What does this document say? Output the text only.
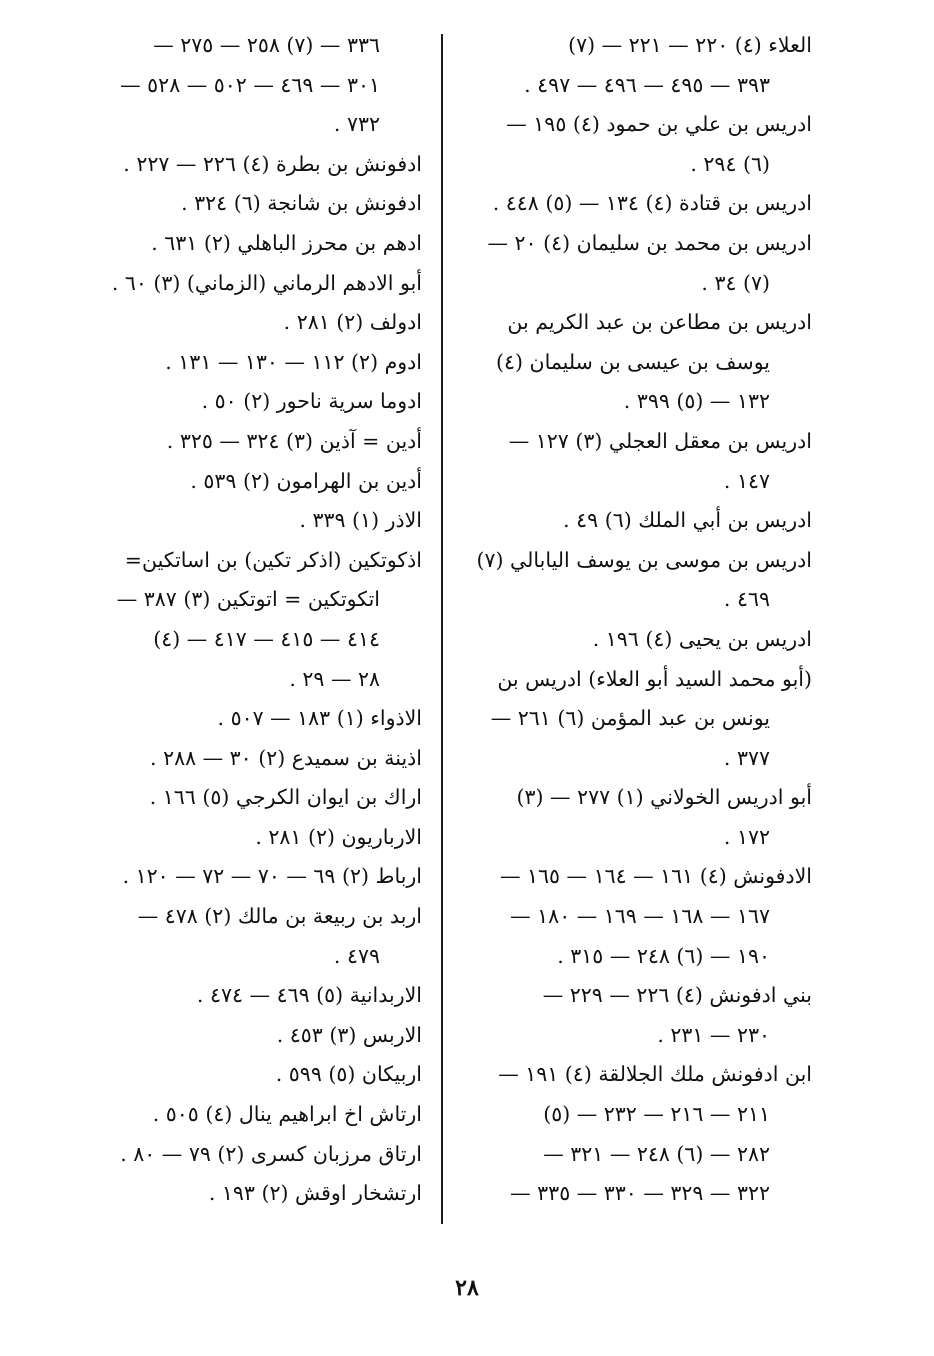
العلاء (٤) ٢٢٠ — ٢٢١ — (٧)
٣٩٣ — ٤٩٥ — ٤٩٦ — ٤٩٧ .
ادريس بن علي بن حمود (٤) ١٩٥ —
(٦) ٢٩٤ .
ادريس بن قتادة (٤) ١٣٤ — (٥) ٤٤٨ .
ادريس بن محمد بن سليمان (٤) ٢٠ —
(٧) ٣٤ .
ادريس بن مطاعن بن عبد الكريم بن
يوسف بن عيسى بن سليمان (٤)
١٣٢ — (٥) ٣٩٩ .
ادريس بن معقل العجلي (٣) ١٢٧ —
١٤٧ .
ادريس بن أبي الملك (٦) ٤٩ .
ادريس بن موسى بن يوسف اليابالي (٧)
٤٦٩ .
ادريس بن يحيى (٤) ١٩٦ .
(أبو محمد السيد أبو العلاء) ادريس بن
يونس بن عبد المؤمن (٦) ٢٦١ —
٣٧٧ .
أبو ادريس الخولاني (١) ٢٧٧ — (٣)
١٧٢ .
الادفونش (٤) ١٦١ — ١٦٤ — ١٦٥ —
١٦٧ — ١٦٨ — ١٦٩ — ١٨٠ —
١٩٠ — (٦) ٢٤٨ — ٣١٥ .
بني ادفونش (٤) ٢٢٦ — ٢٢٩ —
٢٣٠ — ٢٣١ .
ابن ادفونش ملك الجلالقة (٤) ١٩١ —
٢١١ — ٢١٦ — ٢٣٢ — (٥)
٢٨٢ — (٦) ٢٤٨ — ٣٢١ —
٣٢٢ — ٣٢٩ — ٣٣٠ — ٣٣٥ —
٣٣٦ — (٧) ٢٥٨ — ٢٧٥ —
٣٠١ — ٤٦٩ — ٥٠٢ — ٥٢٨ —
٧٣٢ .
ادفونش بن بطرة (٤) ٢٢٦ — ٢٢٧ .
ادفونش بن شانجة (٦) ٣٢٤ .
ادهم بن محرز الباهلي (٢) ٦٣١ .
أبو الادهم الرماني (الزماني) (٣) ٦٠ .
ادولف (٢) ٢٨١ .
ادوم (٢) ١١٢ — ١٣٠ — ١٣١ .
ادوما سرية ناحور (٢) ٥٠ .
أدين = آذين (٣) ٣٢٤ — ٣٢٥ .
أدين بن الهرامون (٢) ٥٣٩ .
الاذر (١) ٣٣٩ .
اذكوتكين (اذكر تكين) بن اساتكين=
اتكوتكين = اتوتكين (٣) ٣٨٧ —
٤١٤ — ٤١٥ — ٤١٧ — (٤)
٢٨ — ٢٩ .
الاذواء (١) ١٨٣ — ٥٠٧ .
اذينة بن سميدع (٢) ٣٠ — ٢٨٨ .
اراك بن ايوان الكرجي (٥) ١٦٦ .
الارباريون (٢) ٢٨١ .
ارباط (٢) ٦٩ — ٧٠ — ٧٢ — ١٢٠ .
اربد بن ربيعة بن مالك (٢) ٤٧٨ —
٤٧٩ .
الاربدانية (٥) ٤٦٩ — ٤٧٤ .
الاربس (٣) ٤٥٣ .
اربيكان (٥) ٥٩٩ .
ارتاش اخ ابراهيم ينال (٤) ٥٠٥ .
ارتاق مرزبان كسرى (٢) ٧٩ — ٨٠ .
ارتشخار اوقش (٢) ١٩٣ .
٢٨
